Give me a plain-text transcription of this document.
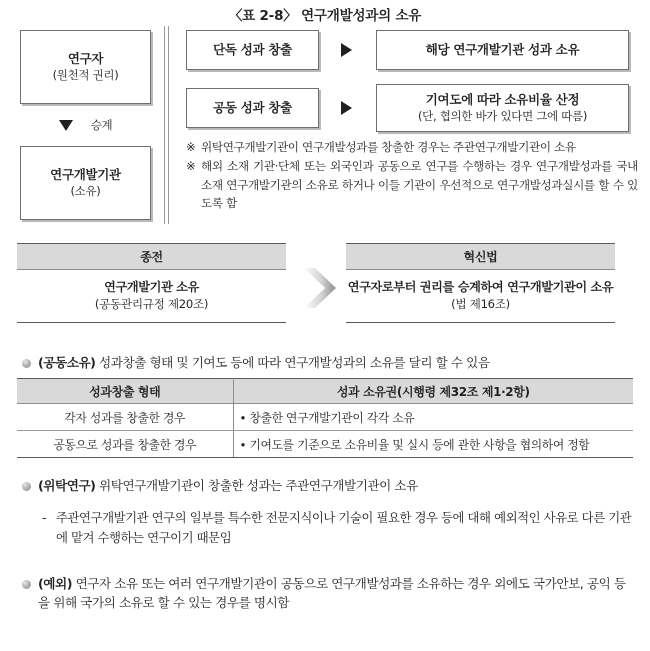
〈표 2-8〉 연구개발성과의 소유
연구자
(원천적 권리)
승계
연구개발기관
(소유)
단독 성과 창출	해당 연구개발기관 성과 소유
공동 성과 창출
기여도에 따라 소유비율 산정
(단, 협의한 바가 있다면 그에 따름)
※ 위탁연구개발기관이 연구개발성과를 창출한 경우는 주관연구개발기관이 소유
※ 해외 소재 기관·단체 또는 외국인과 공동으로 연구를 수행하는 경우 연구개발성과를 국내 소재 연구개발기관의 소유로 하거나 이들 기관이 우선적으로 연구개발성과실시를 할 수 있도록 함
종전
연구개발기관 소유
(공동관리규정 제20조)
혁신법
연구자로부터 권리를 승계하여 연구개발기관이 소유
(법 제16조)
(공동소유) 성과창출 형태 및 기여도 등에 따라 연구개발성과의 소유를 달리 할 수 있음
성과창출 형태	성과 소유권(시행령 제32조 제1·2항)
각자 성과를 창출한 경우	• 창출한 연구개발기관이 각각 소유
공동으로 성과를 창출한 경우	• 기여도를 기준으로 소유비율 및 실시 등에 관한 사항을 협의하여 정함
(위탁연구) 위탁연구개발기관이 창출한 성과는 주관연구개발기관이 소유
- 주관연구개발기관 연구의 일부를 특수한 전문지식이나 기술이 필요한 경우 등에 대해 예외적인 사유로 다른 기관에 맡겨 수행하는 연구이기 때문임
(예외) 연구자 소유 또는 여러 연구개발기관이 공동으로 연구개발성과를 소유하는 경우 외에도 국가안보, 공익 등을 위해 국가의 소유로 할 수 있는 경우를 명시함
